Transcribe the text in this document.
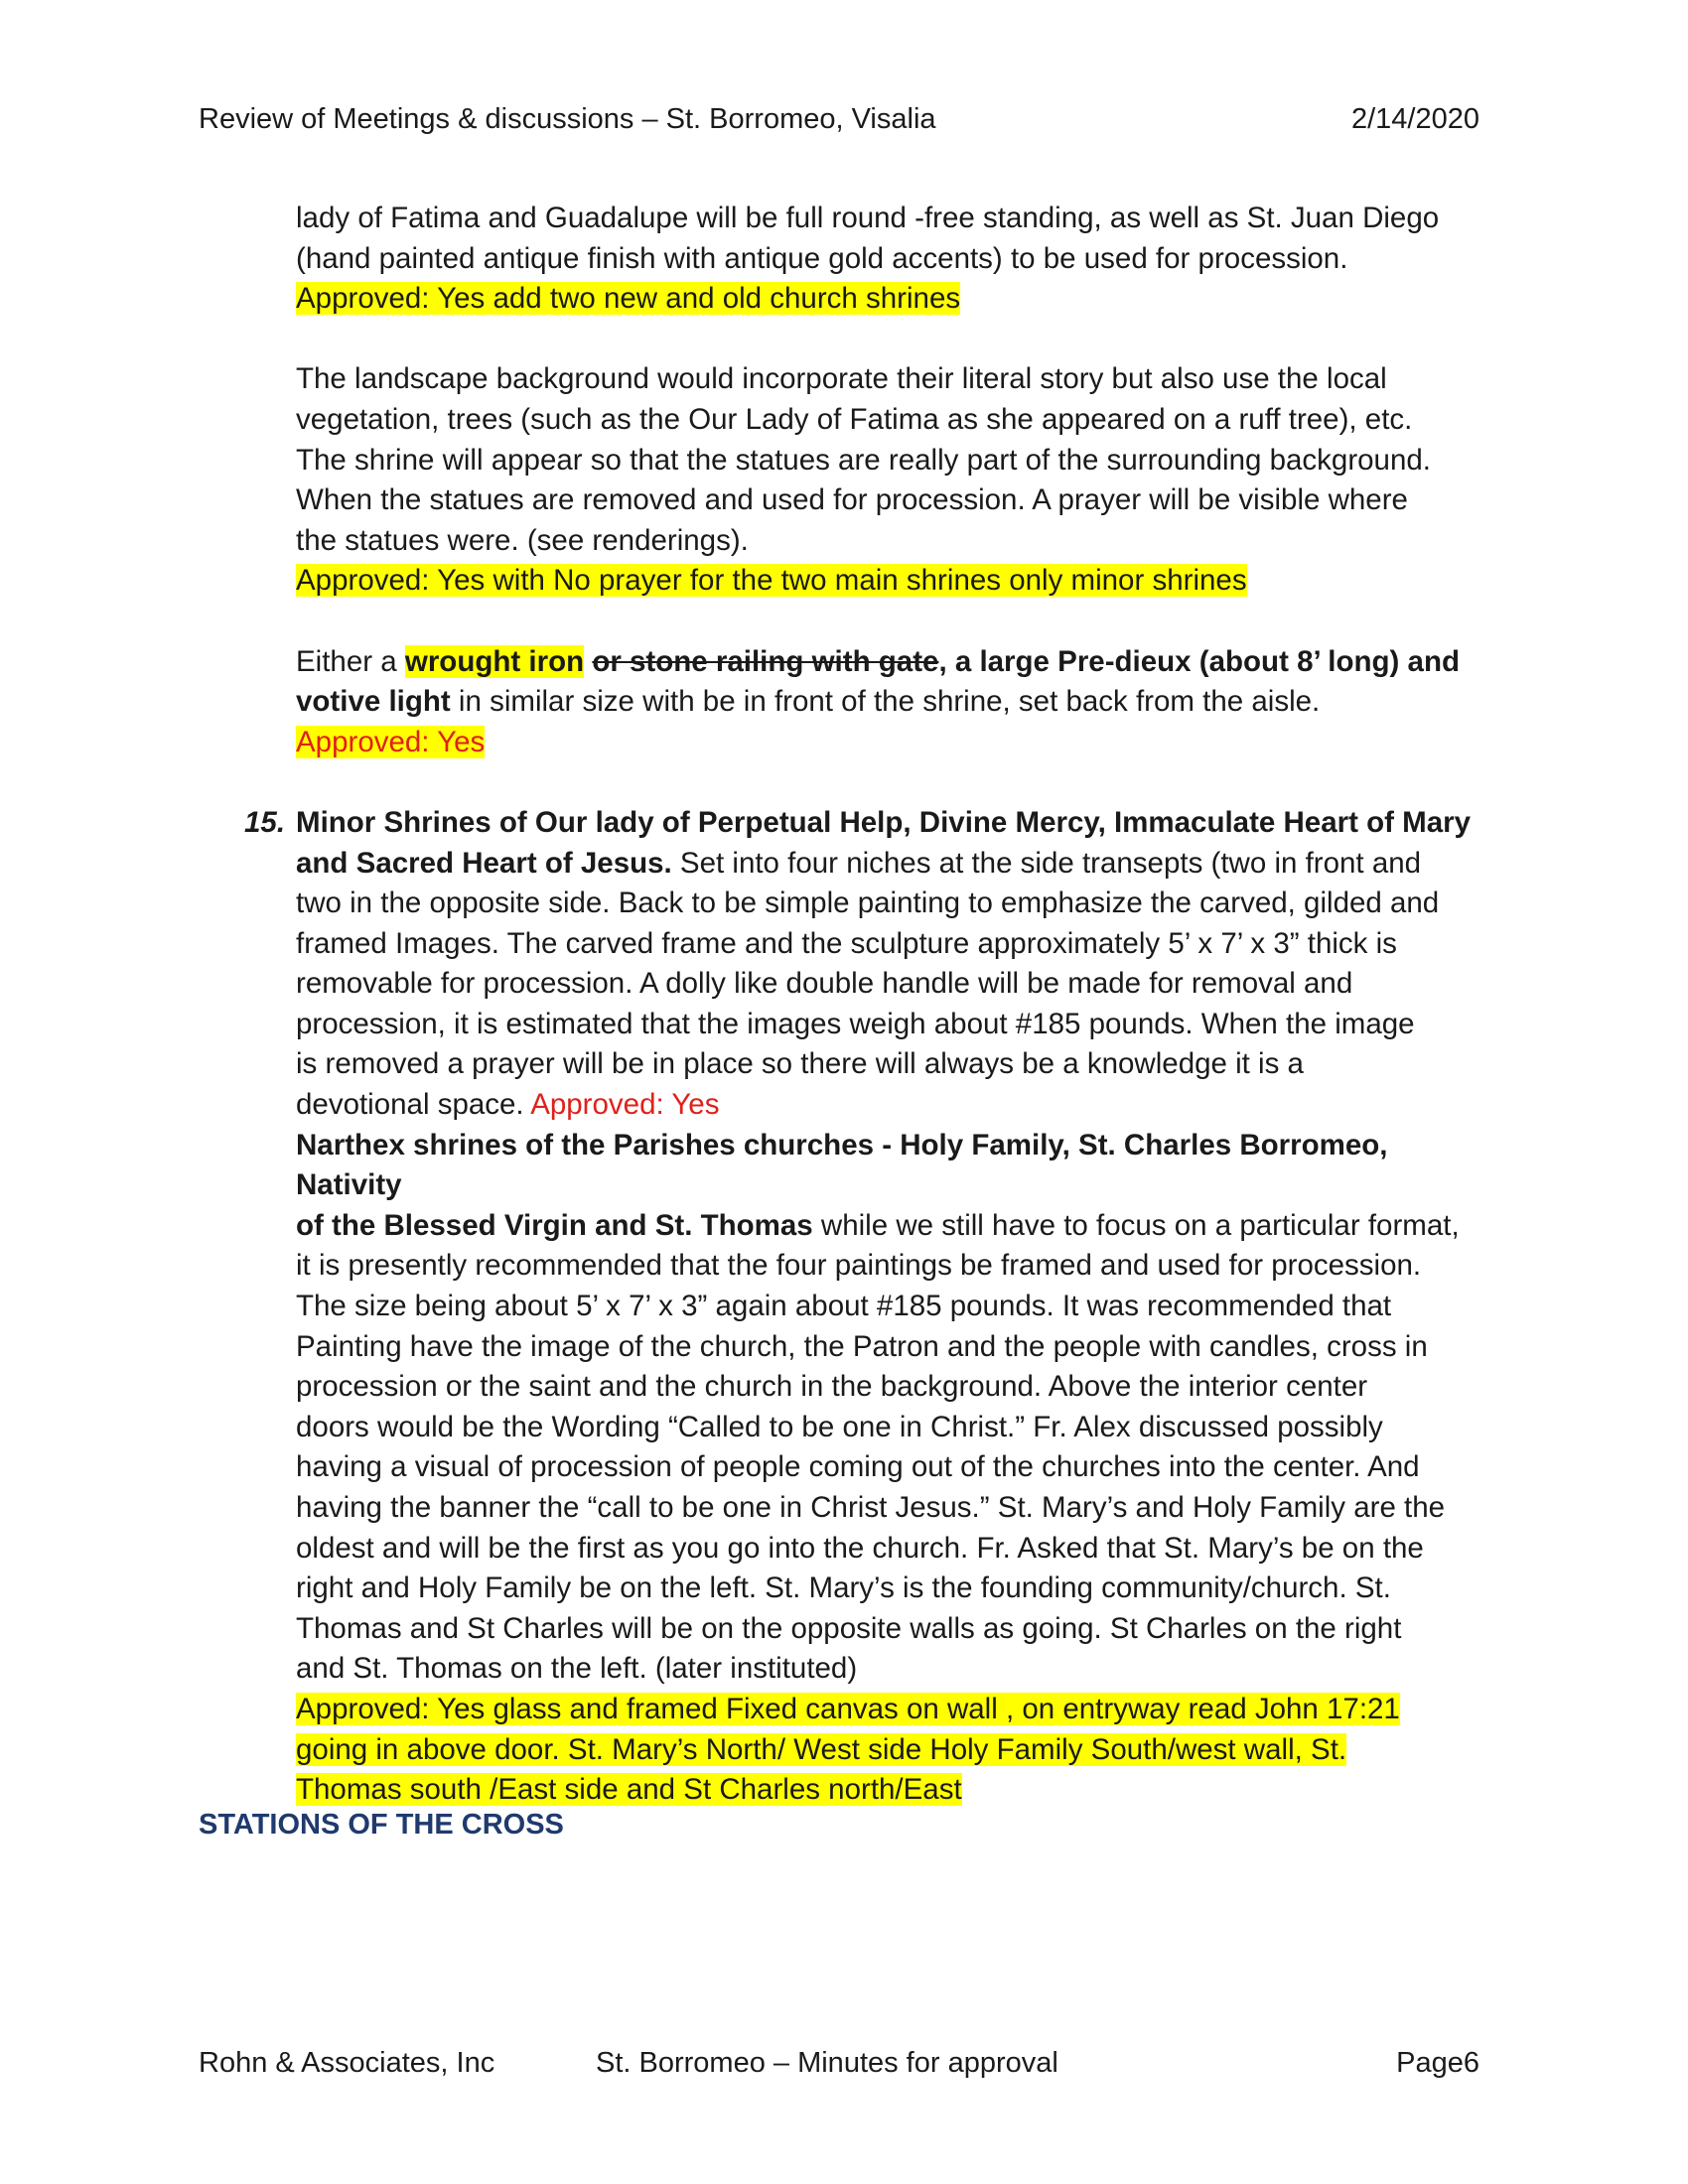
Review of Meetings & discussions – St. Borromeo, Visalia	2/14/2020

lady of Fatima and Guadalupe will be full round -free standing, as well as St. Juan Diego
(hand painted antique finish with antique gold accents) to be used for procession.
Approved: Yes add two new and old church shrines

The landscape background would incorporate their literal story but also use the local
vegetation, trees (such as the Our Lady of Fatima as she appeared on a ruff tree), etc.
The shrine will appear so that the statues are really part of the surrounding background.
When the statues are removed and used for procession. A prayer will be visible where
the statues were. (see renderings).
Approved: Yes with No prayer for the two main shrines only minor shrines

Either a wrought iron or stone railing with gate, a large Pre-dieux (about 8’ long) and
votive light in similar size with be in front of the shrine, set back from the aisle.
Approved: Yes

15. Minor Shrines of Our lady of Perpetual Help, Divine Mercy, Immaculate Heart of Mary
and Sacred Heart of Jesus. Set into four niches at the side transepts (two in front and
two in the opposite side. Back to be simple painting to emphasize the carved, gilded and
framed Images. The carved frame and the sculpture approximately 5’ x 7’ x 3” thick is
removable for procession. A dolly like double handle will be made for removal and
procession, it is estimated that the images weigh about #185 pounds. When the image
is removed a prayer will be in place so there will always be a knowledge it is a
devotional space. Approved: Yes
Narthex shrines of the Parishes churches - Holy Family, St. Charles Borromeo, Nativity
of the Blessed Virgin and St. Thomas while we still have to focus on a particular format,
it is presently recommended that the four paintings be framed and used for procession.
The size being about 5’ x 7’ x 3” again about #185 pounds. It was recommended that
Painting have the image of the church, the Patron and the people with candles, cross in
procession or the saint and the church in the background. Above the interior center
doors would be the Wording “Called to be one in Christ.” Fr. Alex discussed possibly
having a visual of procession of people coming out of the churches into the center. And
having the banner the “call to be one in Christ Jesus.” St. Mary’s and Holy Family are the
oldest and will be the first as you go into the church. Fr. Asked that St. Mary’s be on the
right and Holy Family be on the left. St. Mary’s is the founding community/church. St.
Thomas and St Charles will be on the opposite walls as going. St Charles on the right
and St. Thomas on the left. (later instituted)
Approved: Yes glass and framed Fixed canvas on wall , on entryway read John 17:21
going in above door. St. Mary’s North/ West side Holy Family South/west wall, St.
Thomas south /East side and St Charles north/East

STATIONS OF THE CROSS
Rohn & Associates, Inc	St. Borromeo – Minutes for approval	Page6
